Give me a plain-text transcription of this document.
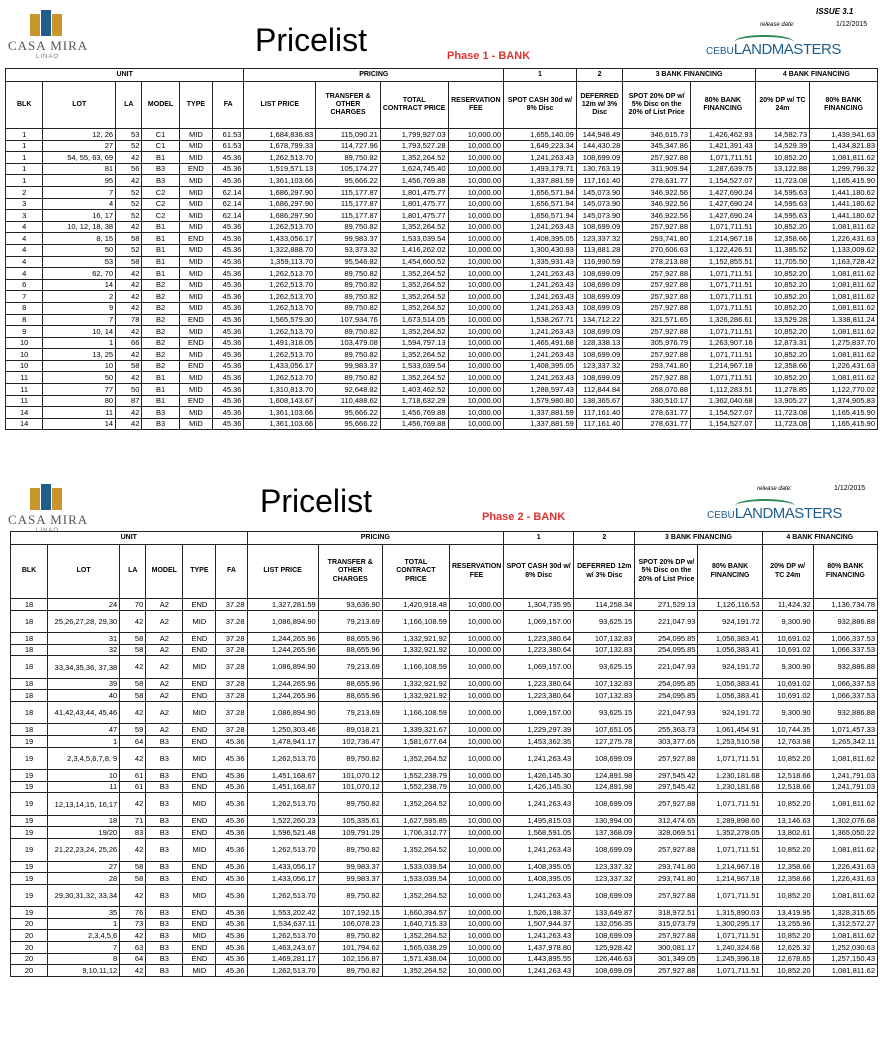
CASA MIRA
LINAO	Pricelist	Phase 1 - BANK
ISSUE 3.1
release date:	1/12/2015
CEBULANDMASTERS
UNIT						PRICING				1	2	3 BANK FINANCING		4 BANK FINANCING	
BLK	LOT	LA	MODEL	TYPE	FA	LIST PRICE	TRANSFER & OTHER CHARGES	TOTAL CONTRACT PRICE	RESERVATION FEE	SPOT CASH 30d w/ 8% Disc	DEFERRED 12m w/ 3% Disc	SPOT 20% DP w/ 5% Disc on the 20% of List Price	80% BANK FINANCING	20% DP w/ TC 24m	80% BANK FINANCING
1	12, 26	53	C1	MID	61.53	1,684,836.83	115,090.21	1,799,927.03	10,000.00	1,655,140.09	144,948.49	346,615.73	1,426,462.93	14,582.73	1,439,941.63
1	27	52	C1	MID	61.53	1,678,799.33	114,727.96	1,793,527.28	10,000.00	1,649,223.34	144,430.28	345,347.86	1,421,391.43	14,529.39	1,434,821.83
1	54, 55, 63, 69	42	B1	MID	45.36	1,262,513.70	89,750.82	1,352,264.52	10,000.00	1,241,263.43	108,699.09	257,927.88	1,071,711.51	10,852.20	1,081,811.62
1	81	56	B3	END	45.36	1,519,571.13	105,174.27	1,624,745.40	10,000.00	1,493,179.71	130,763.19	311,909.94	1,287,639.75	13,122.88	1,299,796.32
1	95	42	B3	MID	45.36	1,361,103.66	95,666.22	1,456,769.88	10,000.00	1,337,881.59	117,161.40	278,631.77	1,154,527.07	11,723.08	1,165,415.90
2	7	52	C2	MID	62.14	1,686,297.90	115,177.87	1,801,475.77	10,000.00	1,656,571.94	145,073.90	346,922.56	1,427,690.24	14,595.63	1,441,180.62
3	4	52	C2	MID	62.14	1,686,297.90	115,177.87	1,801,475.77	10,000.00	1,656,571.94	145,073.90	346,922.56	1,427,690.24	14,595.63	1,441,180.62
3	16, 17	52	C2	MID	62.14	1,686,297.90	115,177.87	1,801,475.77	10,000.00	1,656,571.94	145,073.90	346,922.56	1,427,690.24	14,595.63	1,441,180.62
4	10, 12, 18, 38	42	B1	MID	45.36	1,262,513.70	89,750.82	1,352,264.52	10,000.00	1,241,263.43	108,699.09	257,927.88	1,071,711.51	10,852.20	1,081,811.62
4	8, 15	58	B1	END	45.36	1,433,056.17	99,983.37	1,533,039.54	10,000.00	1,408,395.05	123,337.32	293,741.80	1,214,967.18	12,358.66	1,226,431.63
4	50	52	B1	MID	45.36	1,322,888.70	93,373.32	1,416,262.02	10,000.00	1,300,430.93	113,881.28	270,606.63	1,122,426.51	11,385.52	1,133,009.62
4	53	58	B1	MID	45.36	1,359,113.70	95,546.82	1,454,660.52	10,000.00	1,335,931.43	116,990.59	278,213.88	1,152,855.51	11,705.50	1,163,728.42
4	62, 70	42	B1	MID	45.36	1,262,513.70	89,750.82	1,352,264.52	10,000.00	1,241,263.43	108,699.09	257,927.88	1,071,711.51	10,852.20	1,081,811.62
6	14	42	B2	MID	45.36	1,262,513.70	89,750.82	1,352,264.52	10,000.00	1,241,263.43	108,699.09	257,927.88	1,071,711.51	10,852.20	1,081,811.62
7	2	42	B2	MID	45.36	1,262,513.70	89,750.82	1,352,264.52	10,000.00	1,241,263.43	108,699.09	257,927.88	1,071,711.51	10,852.20	1,081,811.62
8	9	42	B2	MID	45.36	1,262,513.70	89,750.82	1,352,264.52	10,000.00	1,241,263.43	108,699.09	257,927.88	1,071,711.51	10,852.20	1,081,811.62
8	7	78	B2	END	45.36	1,565,579.30	107,934.76	1,673,514.05	10,000.00	1,538,267.71	134,712.22	321,571.65	1,326,286.61	13,529.28	1,338,811.24
9	10, 14	42	B2	MID	45.36	1,262,513.70	89,750.82	1,352,264.52	10,000.00	1,241,263.43	108,699.09	257,927.88	1,071,711.51	10,852.20	1,081,811.62
10	1	66	B2	END	45.36	1,491,318.05	103,479.08	1,594,797.13	10,000.00	1,465,491.68	128,338.13	305,976.79	1,263,907.16	12,873.31	1,275,837.70
10	13, 25	42	B2	MID	45.36	1,262,513.70	89,750.82	1,352,264.52	10,000.00	1,241,263.43	108,699.09	257,927.88	1,071,711.51	10,852.20	1,081,811.62
10	10	58	B2	END	45.36	1,433,056.17	99,983.37	1,533,039.54	10,000.00	1,408,395.05	123,337.32	293,741.80	1,214,967.18	12,358.66	1,226,431.63
11	50	42	B1	MID	45.36	1,262,513.70	89,750.82	1,352,264.52	10,000.00	1,241,263.43	108,699.09	257,927.88	1,071,711.51	10,852.20	1,081,811.62
11	77	50	B1	MID	45.36	1,310,813.70	92,648.82	1,403,462.52	10,000.00	1,288,597.43	112,844.84	268,070.88	1,112,283.51	11,278.85	1,122,770.02
11	80	87	B1	END	45.36	1,608,143.67	110,488.62	1,718,632.29	10,000.00	1,579,980.80	138,365.67	330,510.17	1,362,040.68	13,905.27	1,374,905.83
14	11	42	B3	MID	45.36	1,361,103.66	95,666.22	1,456,769.88	10,000.00	1,337,881.59	117,161.40	278,631.77	1,154,527.07	11,723.08	1,165,415.90
14	14	42	B3	MID	45.36	1,361,103.66	95,666.22	1,456,769.88	10,000.00	1,337,881.59	117,161.40	278,631.77	1,154,527.07	11,723.08	1,165,415.90
CASA MIRA
LINAO
Pricelist	Phase 2 - BANK
release date:	1/12/2015
CEBULANDMASTERS
UNIT						PRICING				1	2	3 BANK FINANCING		4 BANK FINANCING	
BLK	LOT	LA	MODEL	TYPE	FA	LIST PRICE	TRANSFER & OTHER CHARGES	TOTAL CONTRACT PRICE	RESERVATION FEE	SPOT CASH 30d w/ 8% Disc	DEFERRED 12m w/ 3% Disc	SPOT 20% DP w/ 5% Disc on the 20% of List Price	80% BANK FINANCING	20% DP w/ TC 24m	80% BANK FINANCING
18	24	70	A2	END	37.28	1,327,281.59	93,636.90	1,420,918.48	10,000.00	1,304,735.95	114,258.34	271,529.13	1,126,116.53	11,424.32	1,136,734.78
18	25,26,27,28, 29,30	42	A2	MID	37.28	1,086,894.90	79,213.69	1,166,108.59	10,000.00	1,069,157.00	93,625.15	221,047.93	924,191.72	9,300.90	932,886.88
18	31	58	A2	END	37.28	1,244,265.96	88,655.96	1,332,921.92	10,000.00	1,223,380.64	107,132.83	254,095.85	1,056,383.41	10,691.02	1,066,337.53
18	32	58	A2	END	37.28	1,244,265.96	88,655.96	1,332,921.92	10,000.00	1,223,380.64	107,132.83	254,095.85	1,056,383.41	10,691.02	1,066,337.53
18	33,34,35,36, 37,38	42	A2	MID	37.28	1,086,894.90	79,213.69	1,166,108.59	10,000.00	1,069,157.00	93,625.15	221,047.93	924,191.72	9,300.90	932,886.88
18	39	58	A2	END	37.28	1,244,265.96	88,655.96	1,332,921.92	10,000.00	1,223,380.64	107,132.83	254,095.85	1,056,383.41	10,691.02	1,066,337.53
18	40	58	A2	END	37.28	1,244,265.96	88,655.96	1,332,921.92	10,000.00	1,223,380.64	107,132.83	254,095.85	1,056,383.41	10,691.02	1,066,337.53
18	41,42,43,44, 45,46	42	A2	MID	37.28	1,086,894.90	79,213.69	1,166,108.59	10,000.00	1,069,157.00	93,625.15	221,047.93	924,191.72	9,300.90	932,886.88
18	47	59	A2	END	37.28	1,250,303.46	89,018.21	1,339,321.67	10,000.00	1,229,297.39	107,651.05	255,363.73	1,061,454.91	10,744.35	1,071,457.33
19	1	64	B3	END	45.36	1,478,941.17	102,736.47	1,581,677.64	10,000.00	1,453,362.35	127,275.78	303,377.65	1,253,510.58	12,763.98	1,265,342.11
19	2,3,4,5,6,7,8, 9	42	B3	MID	45.36	1,262,513.70	89,750.82	1,352,264.52	10,000.00	1,241,263.43	108,699.09	257,927.88	1,071,711.51	10,852.20	1,081,811.62
19	10	61	B3	END	45.36	1,451,168.67	101,070.12	1,552,238.79	10,000.00	1,426,145.30	124,891.98	297,545.42	1,230,181.68	12,518.66	1,241,791.03
19	11	61	B3	END	45.36	1,451,168.67	101,070.12	1,552,238.79	10,000.00	1,426,145.30	124,891.98	297,545.42	1,230,181.68	12,518.66	1,241,791.03
19	12,13,14,15, 16,17	42	B3	MID	45.36	1,262,513.70	89,750.82	1,352,264.52	10,000.00	1,241,263.43	108,699.09	257,927.88	1,071,711.51	10,852.20	1,081,811.62
19	18	71	B3	END	45.36	1,522,260.23	105,335.61	1,627,595.85	10,000.00	1,495,815.03	130,994.00	312,474.65	1,289,898.60	13,146.63	1,302,076.68
19	19/20	83	B3	END	45.36	1,596,521.48	109,791.29	1,706,312.77	10,000.00	1,568,591.05	137,368.09	328,069.51	1,352,278.05	13,802.61	1,365,050.22
19	21,22,23,24, 25,26	42	B3	MID	45.36	1,262,513.70	89,750.82	1,352,264.52	10,000.00	1,241,263.43	108,699.09	257,927.88	1,071,711.51	10,852.20	1,081,811.62
19	27	58	B3	END	45.36	1,433,056.17	99,983.37	1,533,039.54	10,000.00	1,408,395.05	123,337.32	293,741.80	1,214,967.18	12,358.66	1,226,431.63
19	28	58	B3	END	45.36	1,433,056.17	99,983.37	1,533,039.54	10,000.00	1,408,395.05	123,337.32	293,741.80	1,214,967.18	12,358.66	1,226,431.63
19	29,30,31,32, 33,34	42	B3	MID	45.36	1,262,513.70	89,750.82	1,352,264.52	10,000.00	1,241,263.43	108,699.09	257,927.88	1,071,711.51	10,852.20	1,081,811.62
19	35	76	B3	END	45.36	1,553,202.42	107,192.15	1,660,394.57	10,000.00	1,526,138.37	133,649.87	318,972.51	1,315,890.03	13,419.95	1,328,315.65
20	1	73	B3	END	45.36	1,534,637.11	106,078.23	1,640,715.33	10,000.00	1,507,944.37	132,056.35	315,073.79	1,300,295.17	13,255.96	1,312,572.27
20	2,3,4,5,6	42	B3	MID	45.36	1,262,513.70	89,750.82	1,352,264.52	10,000.00	1,241,263.43	108,699.09	257,927.88	1,071,711.51	10,852.20	1,081,811.62
20	7	63	B3	END	45.36	1,463,243.67	101,794.62	1,565,038.29	10,000.00	1,437,978.80	125,928.42	300,081.17	1,240,324.68	12,625.32	1,252,030.63
20	8	64	B3	END	45.36	1,469,281.17	102,156.87	1,571,438.04	10,000.00	1,443,895.55	126,446.63	301,349.05	1,245,396.18	12,678.65	1,257,150.43
20	9,10,11,12	42	B3	MID	45.36	1,262,513.70	89,750.82	1,352,264.52	10,000.00	1,241,263.43	108,699.09	257,927.88	1,071,711.51	10,852.20	1,081,811.62
